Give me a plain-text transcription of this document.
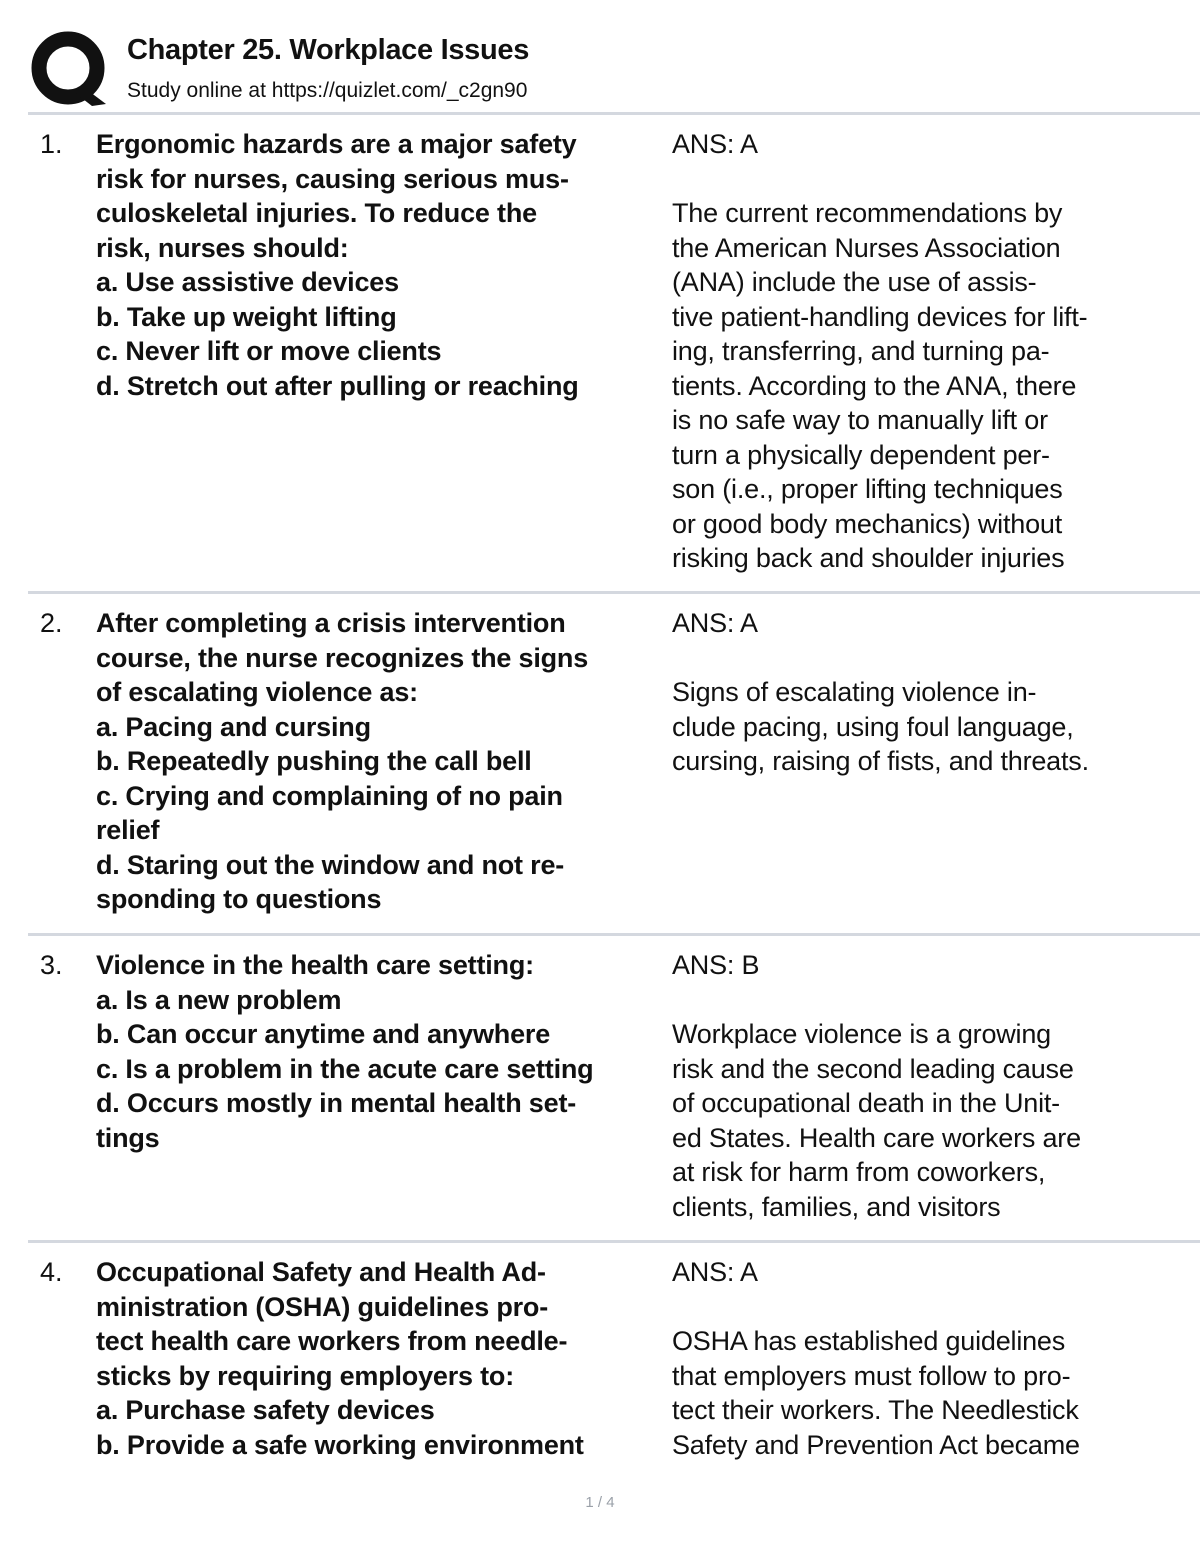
Chapter 25. Workplace Issues
Study online at https://quizlet.com/_c2gn90
1. Ergonomic hazards are a major safety
risk for nurses, causing serious mus-
culoskeletal injuries. To reduce the
risk, nurses should:
a. Use assistive devices
b. Take up weight lifting
c. Never lift or move clients
d. Stretch out after pulling or reaching
ANS: A
The current recommendations by
the American Nurses Association
(ANA) include the use of assis-
tive patient-handling devices for lift-
ing, transferring, and turning pa-
tients. According to the ANA, there
is no safe way to manually lift or
turn a physically dependent per-
son (i.e., proper lifting techniques
or good body mechanics) without
risking back and shoulder injuries
2. After completing a crisis intervention
course, the nurse recognizes the signs
of escalating violence as:
a. Pacing and cursing
b. Repeatedly pushing the call bell
c. Crying and complaining of no pain
relief
d. Staring out the window and not re-
sponding to questions
ANS: A
Signs of escalating violence in-
clude pacing, using foul language,
cursing, raising of fists, and threats.
3. Violence in the health care setting:
a. Is a new problem
b. Can occur anytime and anywhere
c. Is a problem in the acute care setting
d. Occurs mostly in mental health set-
tings
ANS: B
Workplace violence is a growing
risk and the second leading cause
of occupational death in the Unit-
ed States. Health care workers are
at risk for harm from coworkers,
clients, families, and visitors
4. Occupational Safety and Health Ad-
ministration (OSHA) guidelines pro-
tect health care workers from needle-
sticks by requiring employers to:
a. Purchase safety devices
b. Provide a safe working environment
ANS: A
OSHA has established guidelines
that employers must follow to pro-
tect their workers. The Needlestick
Safety and Prevention Act became
1 / 4
